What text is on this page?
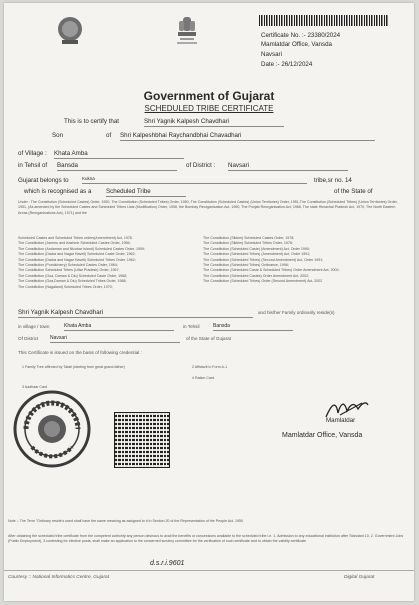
Certificate No. :- 23380/2024
Mamlatdar Office, Vansda
Navsari
Date :- 26/12/2024
Government of Gujarat
SCHEDULED TRIBE CERTIFICATE
This is to certify that	Shri Yagnik Kalpesh Chavdhari
Son	of Shri Kalpeshbhai Raychandbhai Chavadhari
of Village : Khata Amba
in Tehsil of Bansda	of District : Navsari
Gujarat belongs to	Kukna	tribe,sr no. 14
which is recognised as a Scheduled Tribe	of the State of
Under : The Constitution (Scheduled Castes) Order, 1950, The Constitution (Scheduled Tribes) Order, 1950, The Constitution (Scheduled Castes) (Union Territories) Order, 1951,The Constitution (Scheduled Tribes) (Union Territories) Order, 1951, (As amended by the Scheduled Castes and Scheduled Tribes Lists (Modification) Order, 1956, the Bombay Reorganisation Act, 1960, The Punjab Reorganisation Act, 1966, The state Himachal Pradesh Act, 1970, The North Eastern Areas (Reorganisations Act), 1971) and the
Scheduled Castes and Scheduled Tribes orders(Amendment) Act, 1976
The Constitution (Jammu and Kashmir Scheduled Castes Order, 1956;
The Constitution (Andaman and Nicobar Island) Scheduled Castes Order, 1959;
The Constitution (Dadra and Nagar Haveli) Scheduled Caste Order, 1962;
The Constitution (Dadra and Nagar Haveli) Scheduled Tribes Order, 1962;
The Constitution (Pondicherry) Scheduled Castes Order, 1964;
The Constitution Scheduled Tribes (Uttar Pradesh) Order, 1967;
The Constitution (Goa, Daman & Diu) Scheduled Caste Order, 1968;
The Constitution (Goa,Daman & Diu) Scheduled Tribes Order, 1968;
The Constitution (Nagaland) Scheduled Tribes Order, 1970;
The Constitution (Sikkim) Scheduled Castes Order, 1978;
The Constitution (Sikkim) Scheduled Tribes Order, 1978;
The Constitution (Scheduled Caste) (Amendment) Act, Order 1990;
The Constitution (Scheduled Tribes) (Amendment) Act, Order 1991;
The Constitution (Scheduled Tribes) (Second Amendment) Act, Order 1991;
The Constitution (Scheduled Tribes) Ordinance, 1996;
The Constitution (Scheduled Caste & Scheduled Tribes) Order Amendment Act, 2002;
The Constitution (Scheduled Castes) Order Amendment Act, 2002;
The Constitution (Scheduled Tribes) Order (Second Amendment) Act, 2002
Shri Yagnik Kalpesh Chavdhari	and his/her Family ordinarily reside(s)
in village / town	Khata Amba	in Tehsil	Bansda
Of District Navsari	of the State of Gujarat
This Certificate is issued on the basis of following credential :
1 Family Tree affirmed by Talati (starting from great grand-father)	2 Affidavit in Form A-1
3 Aadhaar Card
4 Ration Card
Mamlatdar
Mamlatdar Office, Vansda
Note :- The Term "Ordinary reside's used shall have the same meaning as assigned to it in Section 20 of the Representation of the People Act, 1950
After obtaining the scheduled tribe certificate from the competent authority any person desirous to avail the benefits or concessions available to the scheduled tribe i.e. 1. Admission to any educational institution after Standard 10, 2. Government Jobs (Public Employment), 3.contesting for elective posts, shall make an application to the concerned scrutiny committee for the verification of such certificate and to obtain the validity certificate
d.s.r.i.9601
Courtesy :: National Informatics Centre, Gujarat	Digital Gujarat
